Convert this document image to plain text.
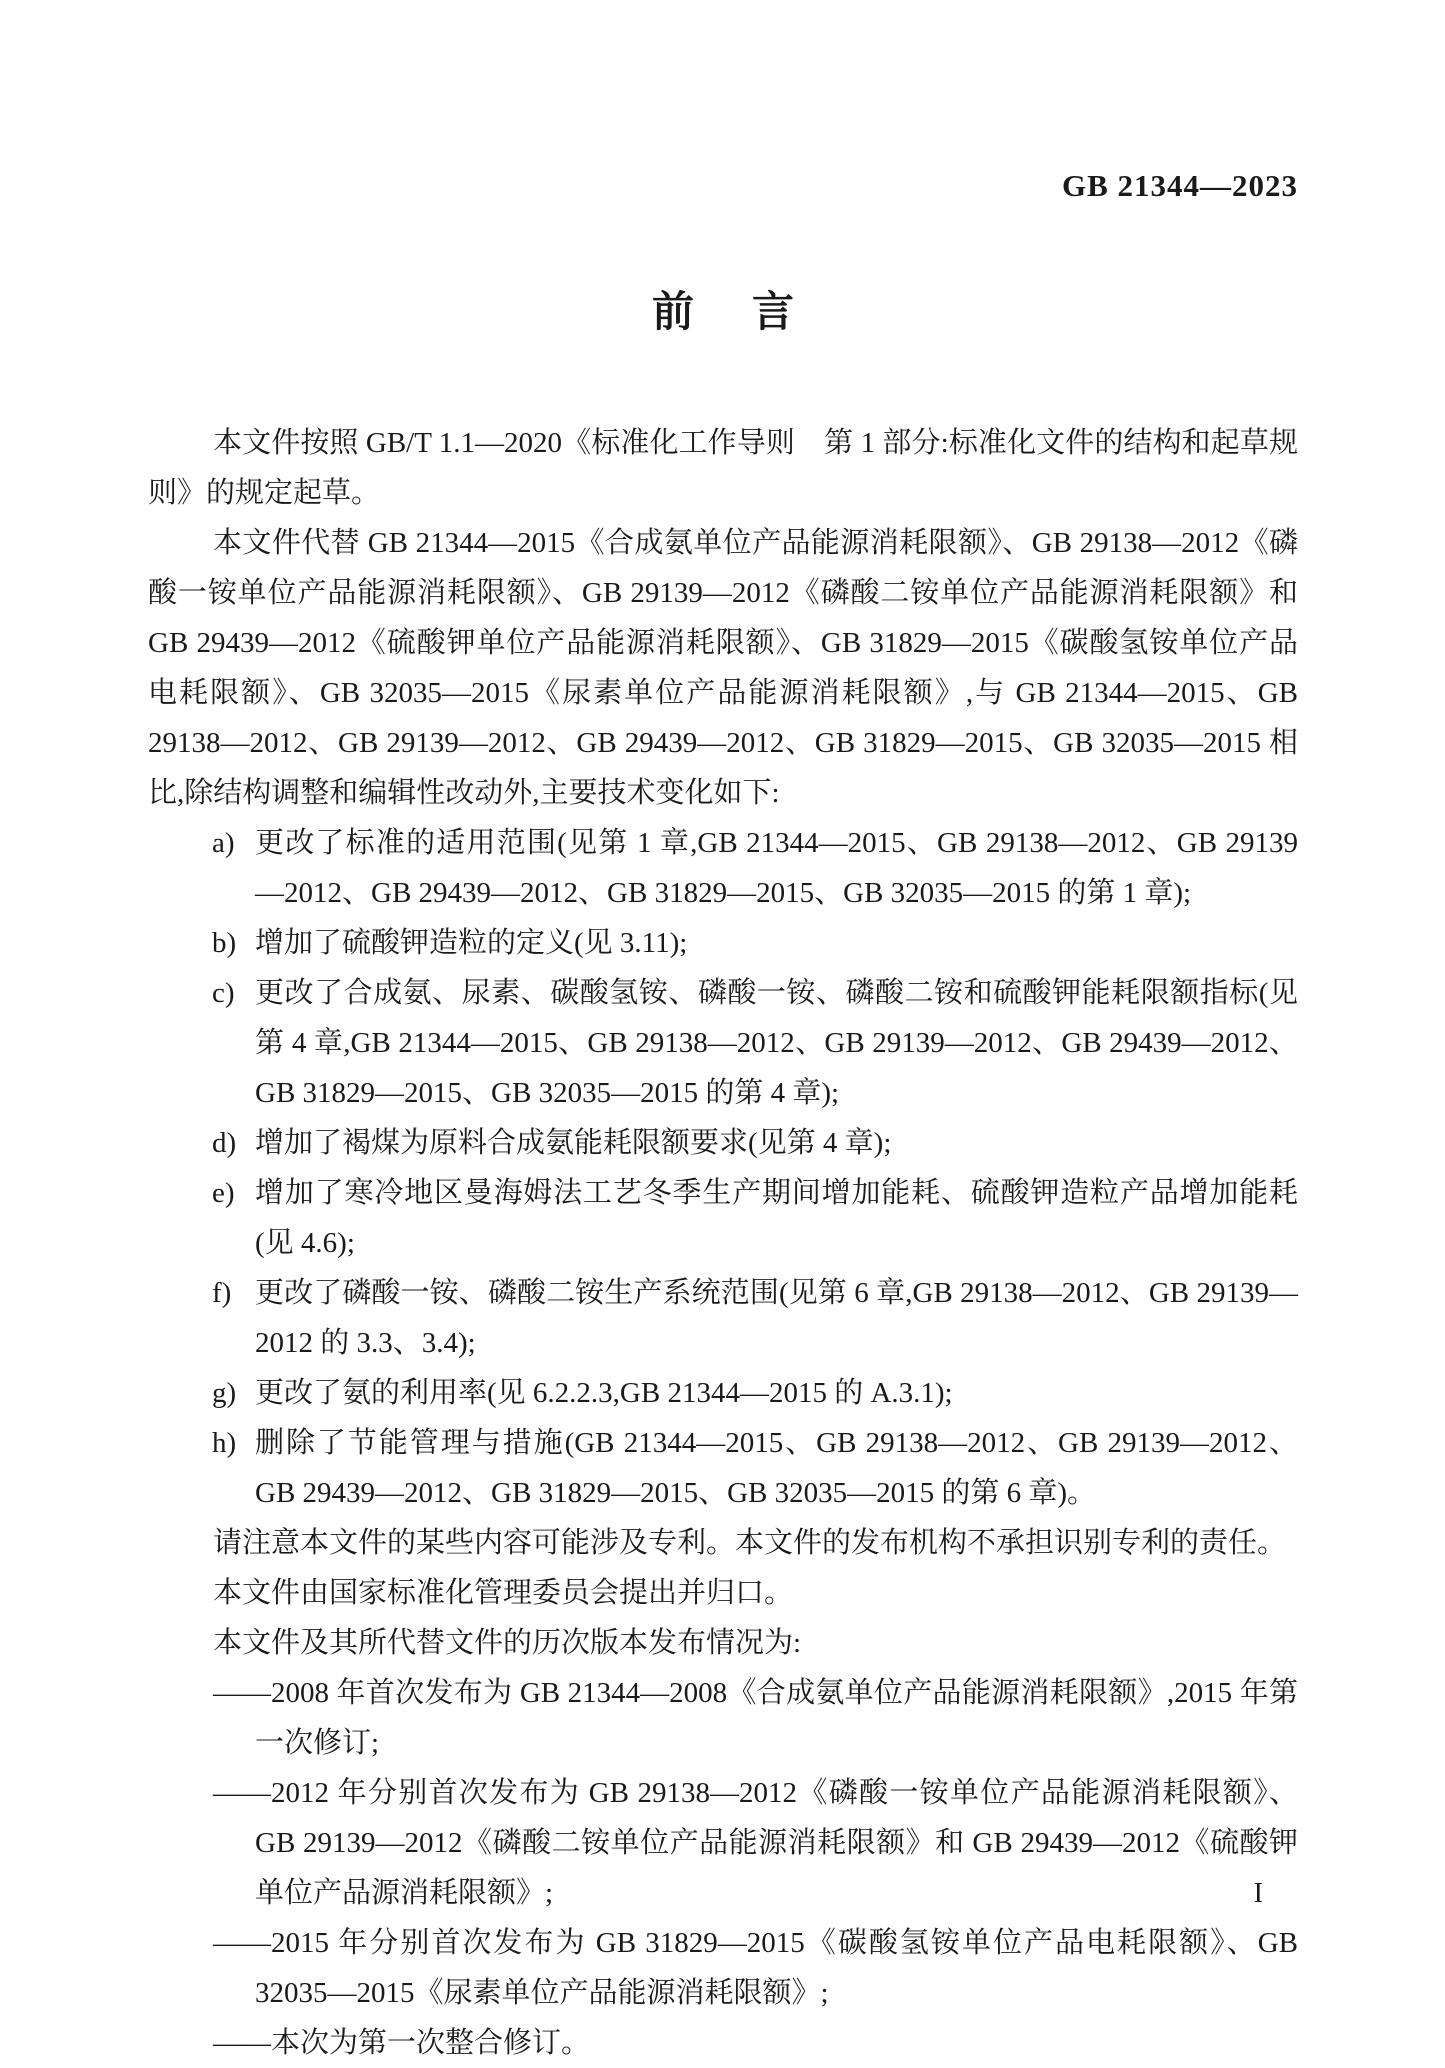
GB 21344—2023
前 言

本文件按照 GB/T 1.1—2020《标准化工作导则　第 1 部分:标准化文件的结构和起草规则》的规定起草。

本文件代替 GB 21344—2015《合成氨单位产品能源消耗限额》、GB 29138—2012《磷酸一铵单位产品能源消耗限额》、GB 29139—2012《磷酸二铵单位产品能源消耗限额》和 GB 29439—2012《硫酸钾单位产品能源消耗限额》、GB 31829—2015《碳酸氢铵单位产品电耗限额》、GB 32035—2015《尿素单位产品能源消耗限额》,与 GB 21344—2015、GB 29138—2012、GB 29139—2012、GB 29439—2012、GB 31829—2015、GB 32035—2015 相比,除结构调整和编辑性改动外,主要技术变化如下:

a) 更改了标准的适用范围(见第 1 章,GB 21344—2015、GB 29138—2012、GB 29139—2012、GB 29439—2012、GB 31829—2015、GB 32035—2015 的第 1 章);
b) 增加了硫酸钾造粒的定义(见 3.11);
c) 更改了合成氨、尿素、碳酸氢铵、磷酸一铵、磷酸二铵和硫酸钾能耗限额指标(见第 4 章,GB 21344—2015、GB 29138—2012、GB 29139—2012、GB 29439—2012、GB 31829—2015、GB 32035—2015 的第 4 章);
d) 增加了褐煤为原料合成氨能耗限额要求(见第 4 章);
e) 增加了寒冷地区曼海姆法工艺冬季生产期间增加能耗、硫酸钾造粒产品增加能耗(见 4.6);
f) 更改了磷酸一铵、磷酸二铵生产系统范围(见第 6 章,GB 29138—2012、GB 29139—2012 的 3.3、3.4);
g) 更改了氨的利用率(见 6.2.2.3,GB 21344—2015 的 A.3.1);
h) 删除了节能管理与措施(GB 21344—2015、GB 29138—2012、GB 29139—2012、GB 29439—2012、GB 31829—2015、GB 32035—2015 的第 6 章)。

请注意本文件的某些内容可能涉及专利。本文件的发布机构不承担识别专利的责任。

本文件由国家标准化管理委员会提出并归口。

本文件及其所代替文件的历次版本发布情况为:

——2008 年首次发布为 GB 21344—2008《合成氨单位产品能源消耗限额》,2015 年第一次修订;
——2012 年分别首次发布为 GB 29138—2012《磷酸一铵单位产品能源消耗限额》、GB 29139—2012《磷酸二铵单位产品能源消耗限额》和 GB 29439—2012《硫酸钾单位产品源消耗限额》;
——2015 年分别首次发布为 GB 31829—2015《碳酸氢铵单位产品电耗限额》、GB 32035—2015《尿素单位产品能源消耗限额》;
——本次为第一次整合修订。
I
